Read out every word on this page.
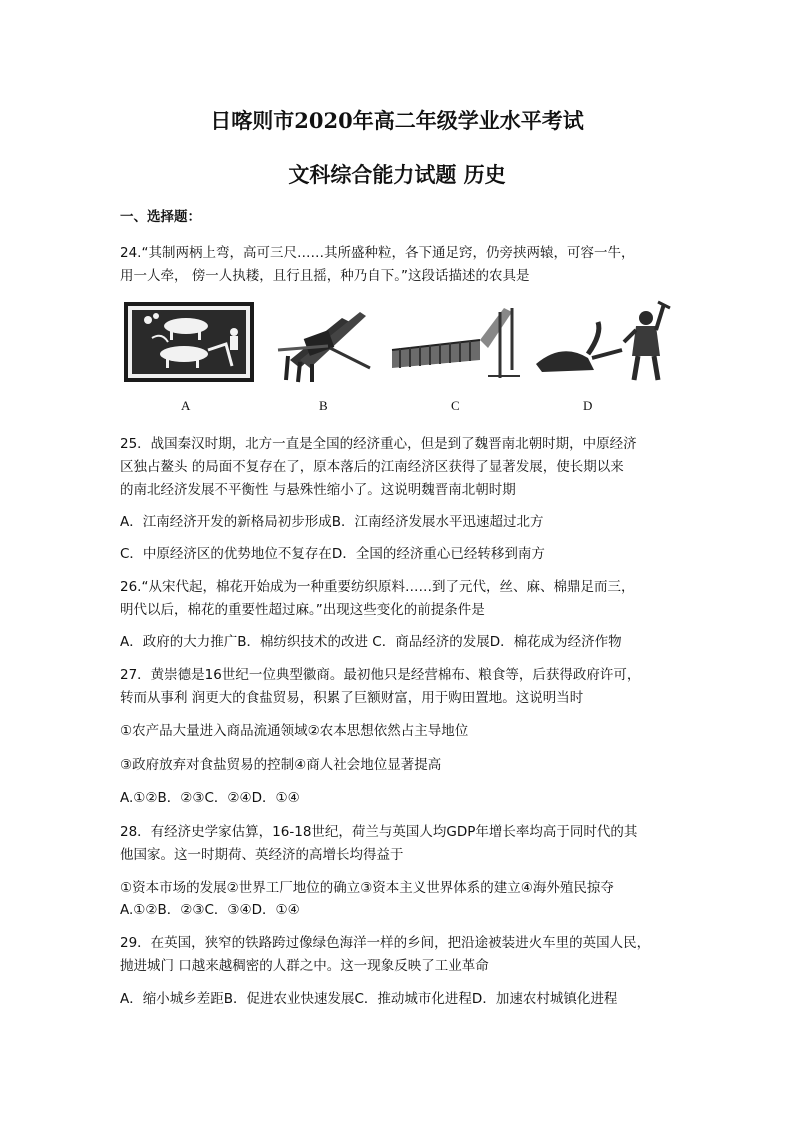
日喀则市2020年高二年级学业水平考试
文科综合能力试题 历史
一、选择题：
24.“其制两柄上弯，高可三尺……其所盛种粒，各下通足窍，仍旁挟两辕，可容一牛，
用一人牵， 傍一人执耧，且行且摇，种乃自下。”这段话描述的农具是
A	B	C	D
25．战国秦汉时期，北方一直是全国的经济重心，但是到了魏晋南北朝时期，中原经济
区独占鳌头 的局面不复存在了，原本落后的江南经济区获得了显著发展，使长期以来
的南北经济发展不平衡性 与悬殊性缩小了。这说明魏晋南北朝时期
A．江南经济开发的新格局初步形成B．江南经济发展水平迅速超过北方
C．中原经济区的优势地位不复存在D．全国的经济重心已经转移到南方
26.“从宋代起，棉花开始成为一种重要纺织原料……到了元代，丝、麻、棉鼎足而三，
明代以后，棉花的重要性超过麻。”出现这些变化的前提条件是
A．政府的大力推广B．棉纺织技术的改进 C．商品经济的发展D．棉花成为经济作物
27．黄崇德是16世纪一位典型徽商。最初他只是经营棉布、粮食等，后获得政府许可，
转而从事利 润更大的食盐贸易，积累了巨额财富，用于购田置地。这说明当时
①农产品大量进入商品流通领域②农本思想依然占主导地位
③政府放弃对食盐贸易的控制④商人社会地位显著提高
A.①②B．②③C．②④D．①④
28．有经济史学家估算，16-18世纪，荷兰与英国人均GDP年增长率均高于同时代的其
他国家。这一时期荷、英经济的高增长均得益于
①资本市场的发展②世界工厂地位的确立③资本主义世界体系的建立④海外殖民掠夺
A.①②B．②③C．③④D．①④
29．在英国，狭窄的铁路跨过像绿色海洋一样的乡间，把沿途被装进火车里的英国人民，
抛进城门 口越来越稠密的人群之中。这一现象反映了工业革命
A．缩小城乡差距B．促进农业快速发展C．推动城市化进程D．加速农村城镇化进程
